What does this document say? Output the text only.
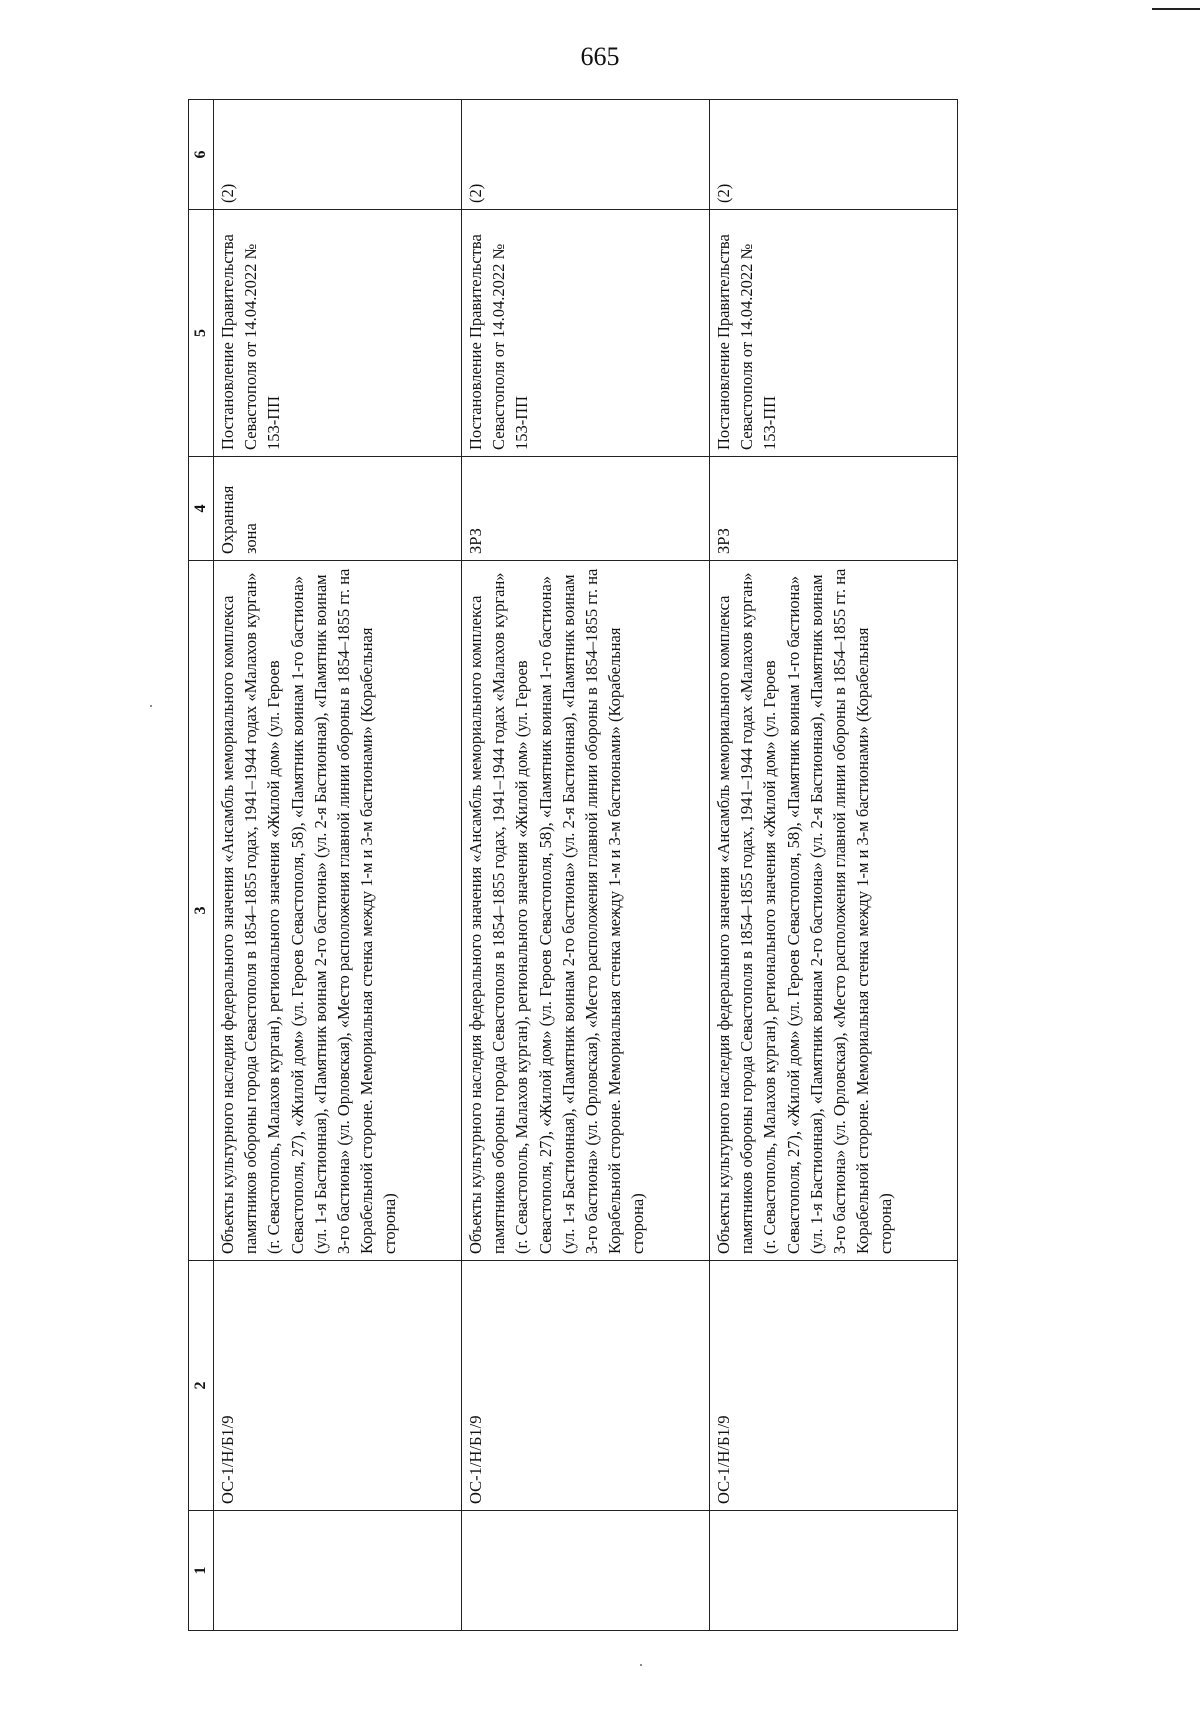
665
1	2	3	4	5	6
	ОС-1/Н/Б1/9	Объекты культурного наследия федерального значения «Ансамбль мемориального комплекса памятников обороны города Севастополя в 1854–1855 годах, 1941–1944 годах «Малахов курган» (г. Севастополь, Малахов курган), регионального значения «Жилой дом» (ул. Героев Севастополя, 27), «Жилой дом» (ул. Героев Севастополя, 58), «Памятник воинам 1-го бастиона» (ул. 1-я Бастионная), «Памятник воинам 2-го бастиона» (ул. 2-я Бастионная), «Памятник воинам 3-го бастиона» (ул. Орловская), «Место расположения главной линии обороны в 1854–1855 гг. на Корабельной стороне. Мемориальная стенка между 1-м и 3-м бастионами» (Корабельная сторона)	Охранная зона	Постановление Правительства Севастополя от 14.04.2022 № 153-ПП	(2)
	ОС-1/Н/Б1/9	Объекты культурного наследия федерального значения «Ансамбль мемориального комплекса памятников обороны города Севастополя в 1854–1855 годах, 1941–1944 годах «Малахов курган» (г. Севастополь, Малахов курган), регионального значения «Жилой дом» (ул. Героев Севастополя, 27), «Жилой дом» (ул. Героев Севастополя, 58), «Памятник воинам 1-го бастиона» (ул. 1-я Бастионная), «Памятник воинам 2-го бастиона» (ул. 2-я Бастионная), «Памятник воинам 3-го бастиона» (ул. Орловская), «Место расположения главной линии обороны в 1854–1855 гг. на Корабельной стороне. Мемориальная стенка между 1-м и 3-м бастионами» (Корабельная сторона)	ЗРЗ	Постановление Правительства Севастополя от 14.04.2022 № 153-ПП	(2)
	ОС-1/Н/Б1/9	Объекты культурного наследия федерального значения «Ансамбль мемориального комплекса памятников обороны города Севастополя в 1854–1855 годах, 1941–1944 годах «Малахов курган» (г. Севастополь, Малахов курган), регионального значения «Жилой дом» (ул. Героев Севастополя, 27), «Жилой дом» (ул. Героев Севастополя, 58), «Памятник воинам 1-го бастиона» (ул. 1-я Бастионная), «Памятник воинам 2-го бастиона» (ул. 2-я Бастионная), «Памятник воинам 3-го бастиона» (ул. Орловская), «Место расположения главной линии обороны в 1854–1855 гг. на Корабельной стороне. Мемориальная стенка между 1-м и 3-м бастионами» (Корабельная сторона)	ЗРЗ	Постановление Правительства Севастополя от 14.04.2022 № 153-ПП	(2)
